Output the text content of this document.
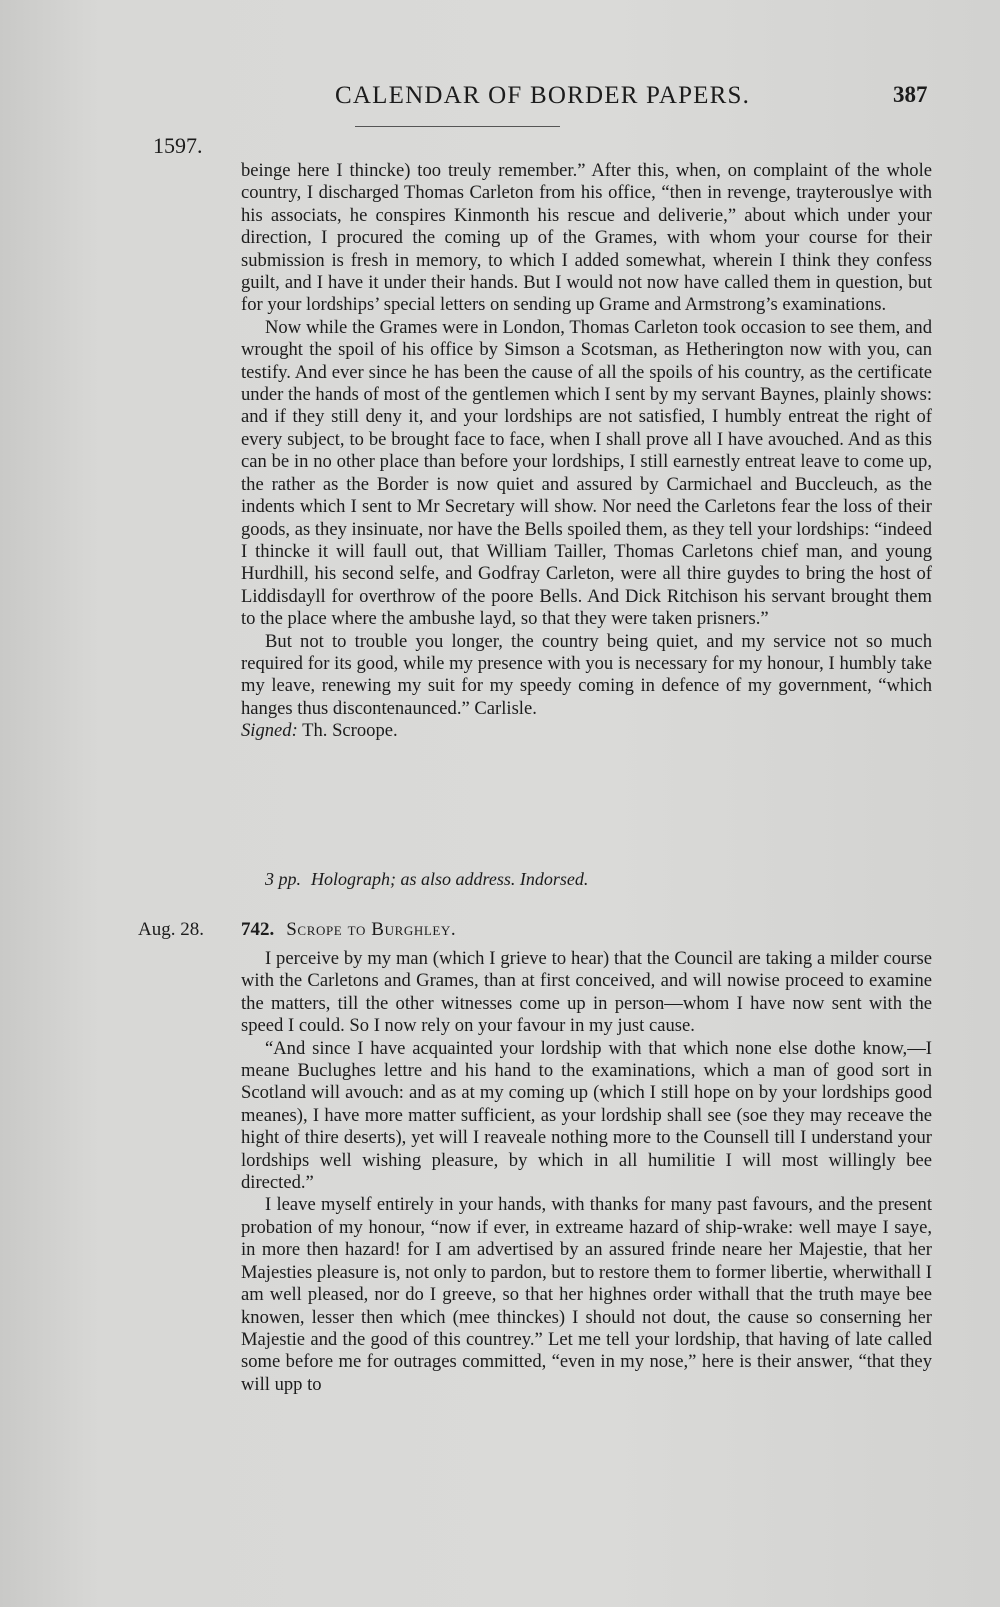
CALENDAR OF BORDER PAPERS.	387
1597.

beinge here I thincke) too treuly remember.” After this, when, on complaint of the whole country, I discharged Thomas Carleton from his office, “then in revenge, trayterouslye with his associats, he conspires Kinmonth his rescue and deliverie,” about which under your direction, I procured the coming up of the Grames, with whom your course for their submission is fresh in memory, to which I added somewhat, wherein I think they confess guilt, and I have it under their hands. But I would not now have called them in question, but for your lordships’ special letters on sending up Grame and Armstrong’s examinations.

Now while the Grames were in London, Thomas Carleton took occasion to see them, and wrought the spoil of his office by Simson a Scotsman, as Hetherington now with you, can testify. And ever since he has been the cause of all the spoils of his country, as the certificate under the hands of most of the gentlemen which I sent by my servant Baynes, plainly shows: and if they still deny it, and your lordships are not satisfied, I humbly entreat the right of every subject, to be brought face to face, when I shall prove all I have avouched. And as this can be in no other place than before your lordships, I still earnestly entreat leave to come up, the rather as the Border is now quiet and assured by Carmichael and Buccleuch, as the indents which I sent to Mr Secretary will show. Nor need the Carletons fear the loss of their goods, as they insinuate, nor have the Bells spoiled them, as they tell your lordships: “indeed I thincke it will faull out, that William Tailler, Thomas Carletons chief man, and young Hurdhill, his second selfe, and Godfray Carleton, were all thire guydes to bring the host of Liddisdayll for overthrow of the poore Bells. And Dick Ritchison his servant brought them to the place where the ambushe layd, so that they were taken prisners.”

But not to trouble you longer, the country being quiet, and my service not so much required for its good, while my presence with you is necessary for my honour, I humbly take my leave, renewing my suit for my speedy coming in defence of my government, “which hanges thus discontenaunced.” Carlisle.

Signed: Th. Scroope.

3 pp. Holograph; as also address. Indorsed.

Aug. 28. 742. Scrope to Burghley.

I perceive by my man (which I grieve to hear) that the Council are taking a milder course with the Carletons and Grames, than at first conceived, and will nowise proceed to examine the matters, till the other witnesses come up in person—whom I have now sent with the speed I could. So I now rely on your favour in my just cause.

“And since I have acquainted your lordship with that which none else dothe know,—I meane Buclughes lettre and his hand to the examinations, which a man of good sort in Scotland will avouch: and as at my coming up (which I still hope on by your lordships good meanes), I have more matter sufficient, as your lordship shall see (soe they may receave the hight of thire deserts), yet will I reaveale nothing more to the Counsell till I understand your lordships well wishing pleasure, by which in all humilitie I will most willingly bee directed.”

I leave myself entirely in your hands, with thanks for many past favours, and the present probation of my honour, “now if ever, in extreame hazard of ship-wrake: well maye I saye, in more then hazard! for I am advertised by an assured frinde neare her Majestie, that her Majesties pleasure is, not only to pardon, but to restore them to former libertie, wherwithall I am well pleased, nor do I greeve, so that her highnes order withall that the truth maye bee knowen, lesser then which (mee thinckes) I should not dout, the cause so conserning her Majestie and the good of this countrey.” Let me tell your lordship, that having of late called some before me for outrages committed, “even in my nose,” here is their answer, “that they will upp to
